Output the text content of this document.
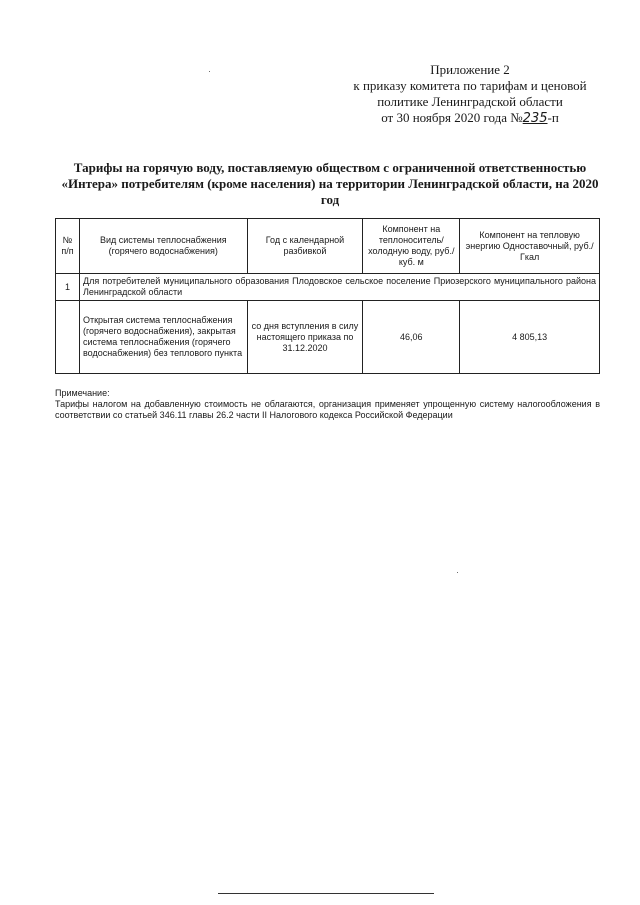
Приложение 2
к приказу комитета по тарифам и ценовой
политике Ленинградской области
от 30 ноября 2020 года №235-п
Тарифы на горячую воду, поставляемую обществом с ограниченной ответственностью «Интера» потребителям (кроме населения) на территории Ленинградской области, на 2020 год
№ п/п	Вид системы теплоснабжения (горячего водоснабжения)	Год с календарной разбивкой	Компонент на теплоноситель/холодную воду, руб./куб. м	Компонент на тепловую энергию Одноставочный, руб./Гкал
1	Для потребителей муниципального образования Плодовское сельское поселение Приозерского муниципального района Ленинградской области			
	Открытая система теплоснабжения (горячего водоснабжения), закрытая система теплоснабжения (горячего водоснабжения) без теплового пункта	со дня вступления в силу настоящего приказа по 31.12.2020	46,06	4 805,13
Примечание:
Тарифы налогом на добавленную стоимость не облагаются, организация применяет упрощенную систему налогообложения в соответствии со статьей 346.11 главы 26.2 части II Налогового кодекса Российской Федерации
·
·
